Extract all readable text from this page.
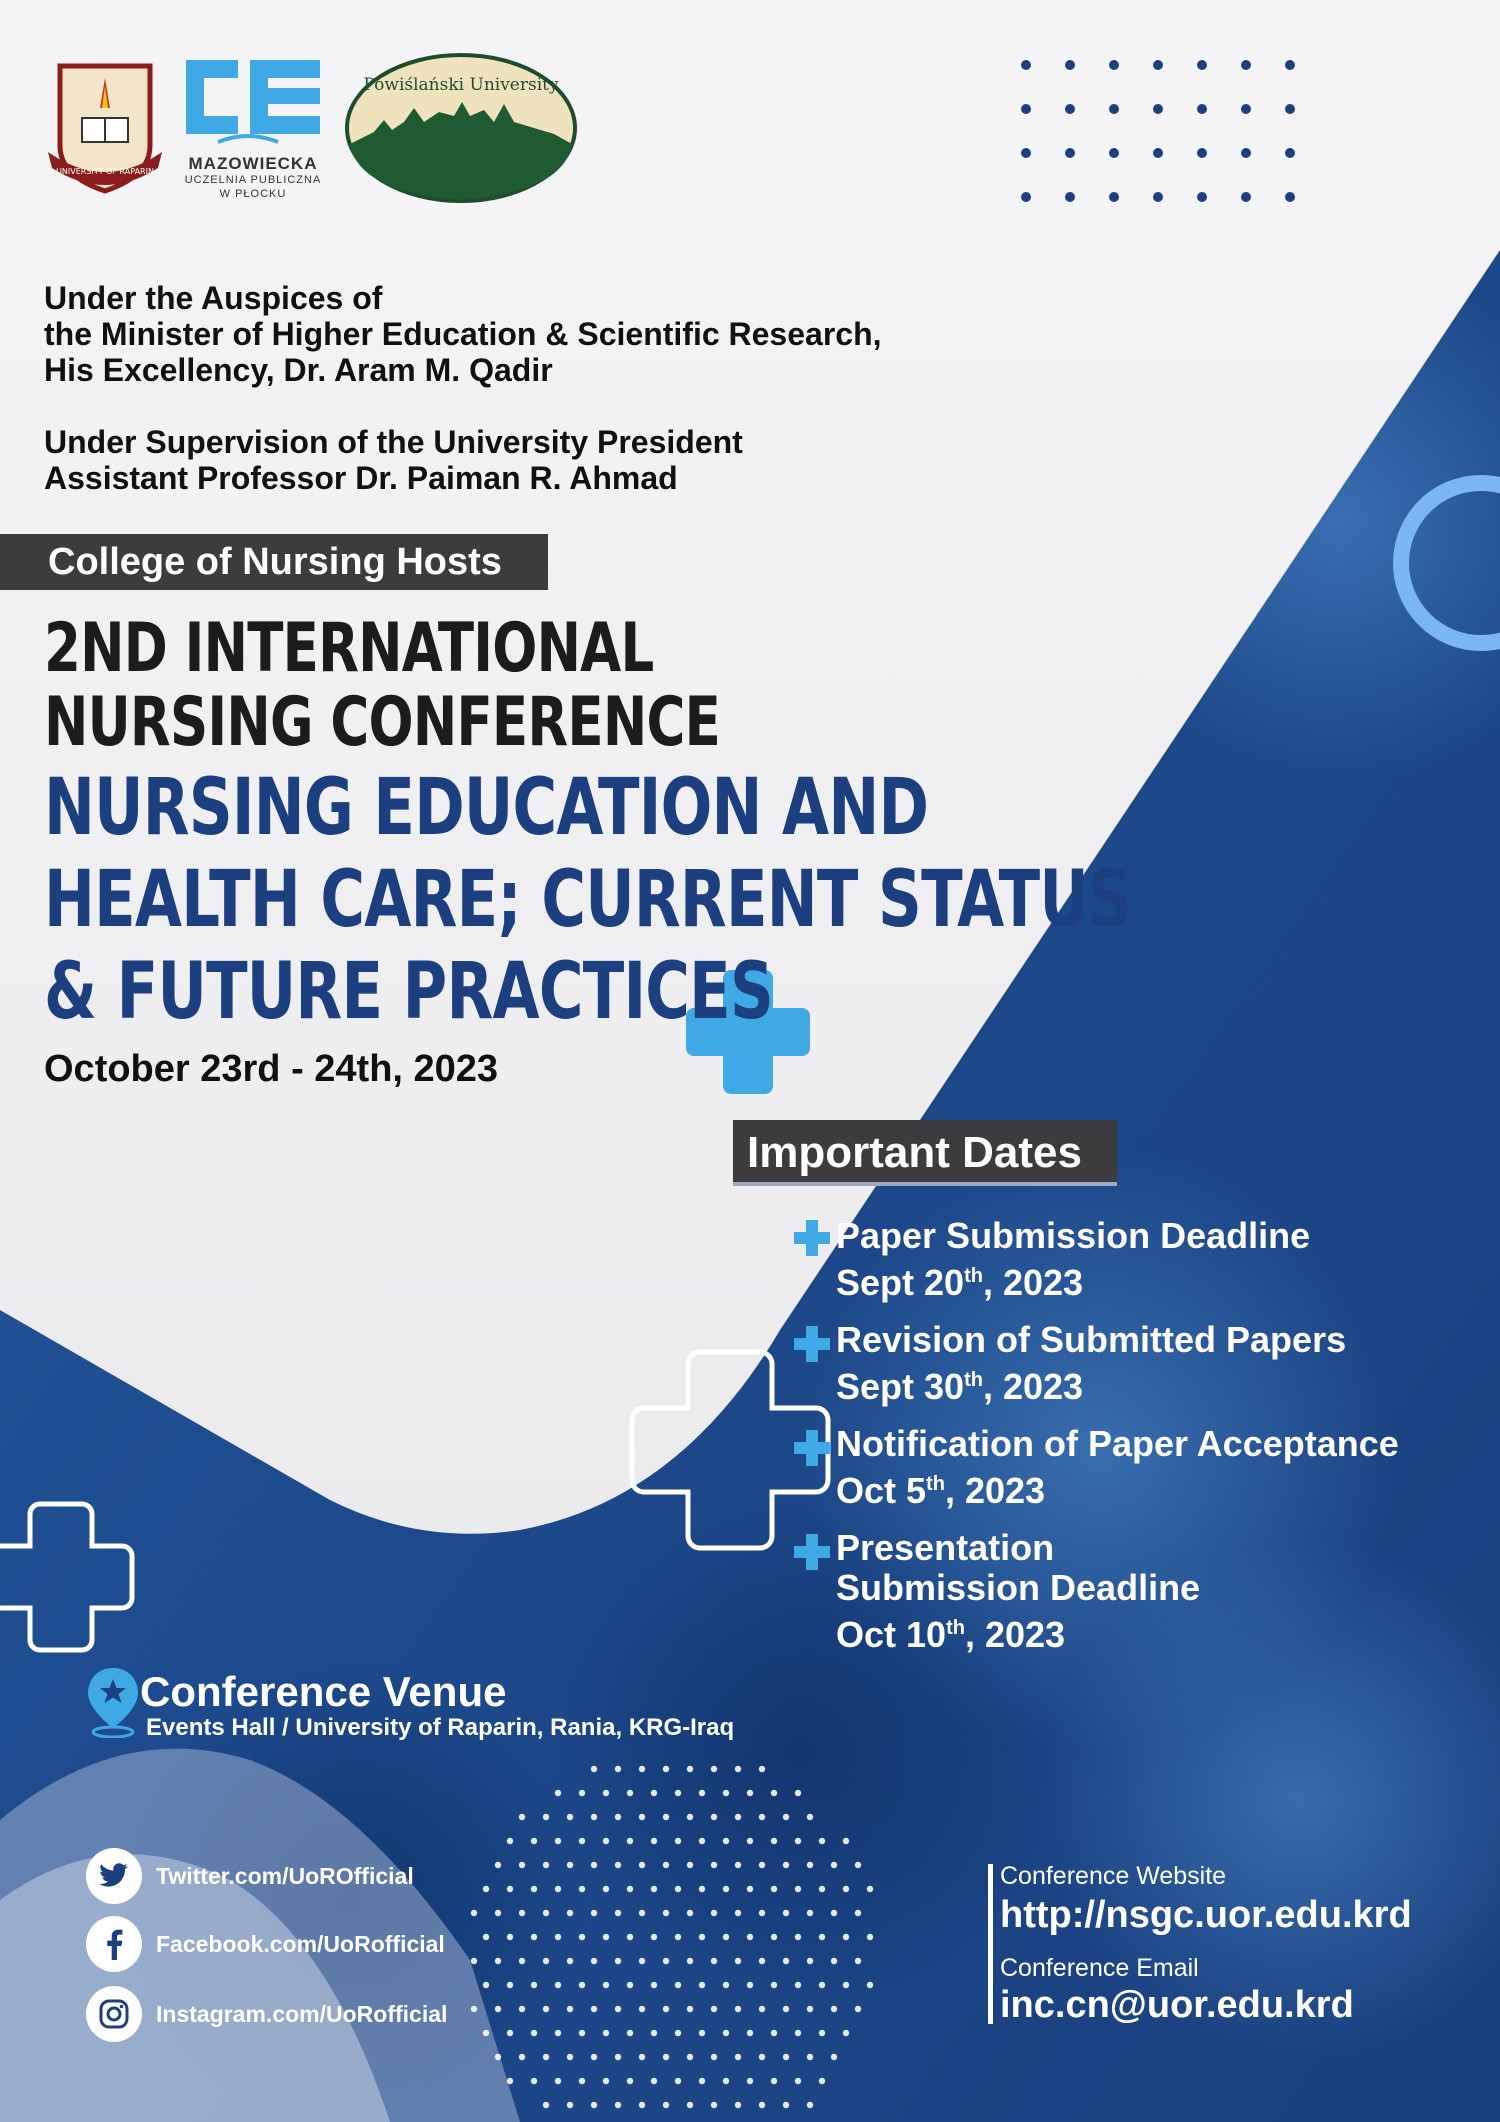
UNIVERSITY OF RAPARIN	MAZOWIECKA
UCZELNIA PUBLICZNA
W PŁOCKU
Powiślański University

Under the Auspices of

the Minister of Higher Education & Scientific Research,

His Excellency, Dr. Aram M. Qadir

Under Supervision of the University President

Assistant Professor Dr. Paiman R. Ahmad

College of Nursing Hosts
2ND INTERNATIONAL
NURSING CONFERENCE
NURSING EDUCATION AND
HEALTH CARE; CURRENT STATUS
& FUTURE PRACTICES
October 23rd - 24th, 2023
Important Dates
Paper Submission Deadline
Sept 20th, 2023
Revision of Submitted Papers
Sept 30th, 2023
Notification of Paper Acceptance
Oct 5th, 2023
Presentation
Submission Deadline
Oct 10th, 2023
Conference Venue
Events Hall / University of Raparin, Rania, KRG-Iraq
Twitter.com/UoROfficial
Facebook.com/UoRofficial
Instagram.com/UoRofficial
Conference Website
http://nsgc.uor.edu.krd
Conference Email
inc.cn@uor.edu.krd
